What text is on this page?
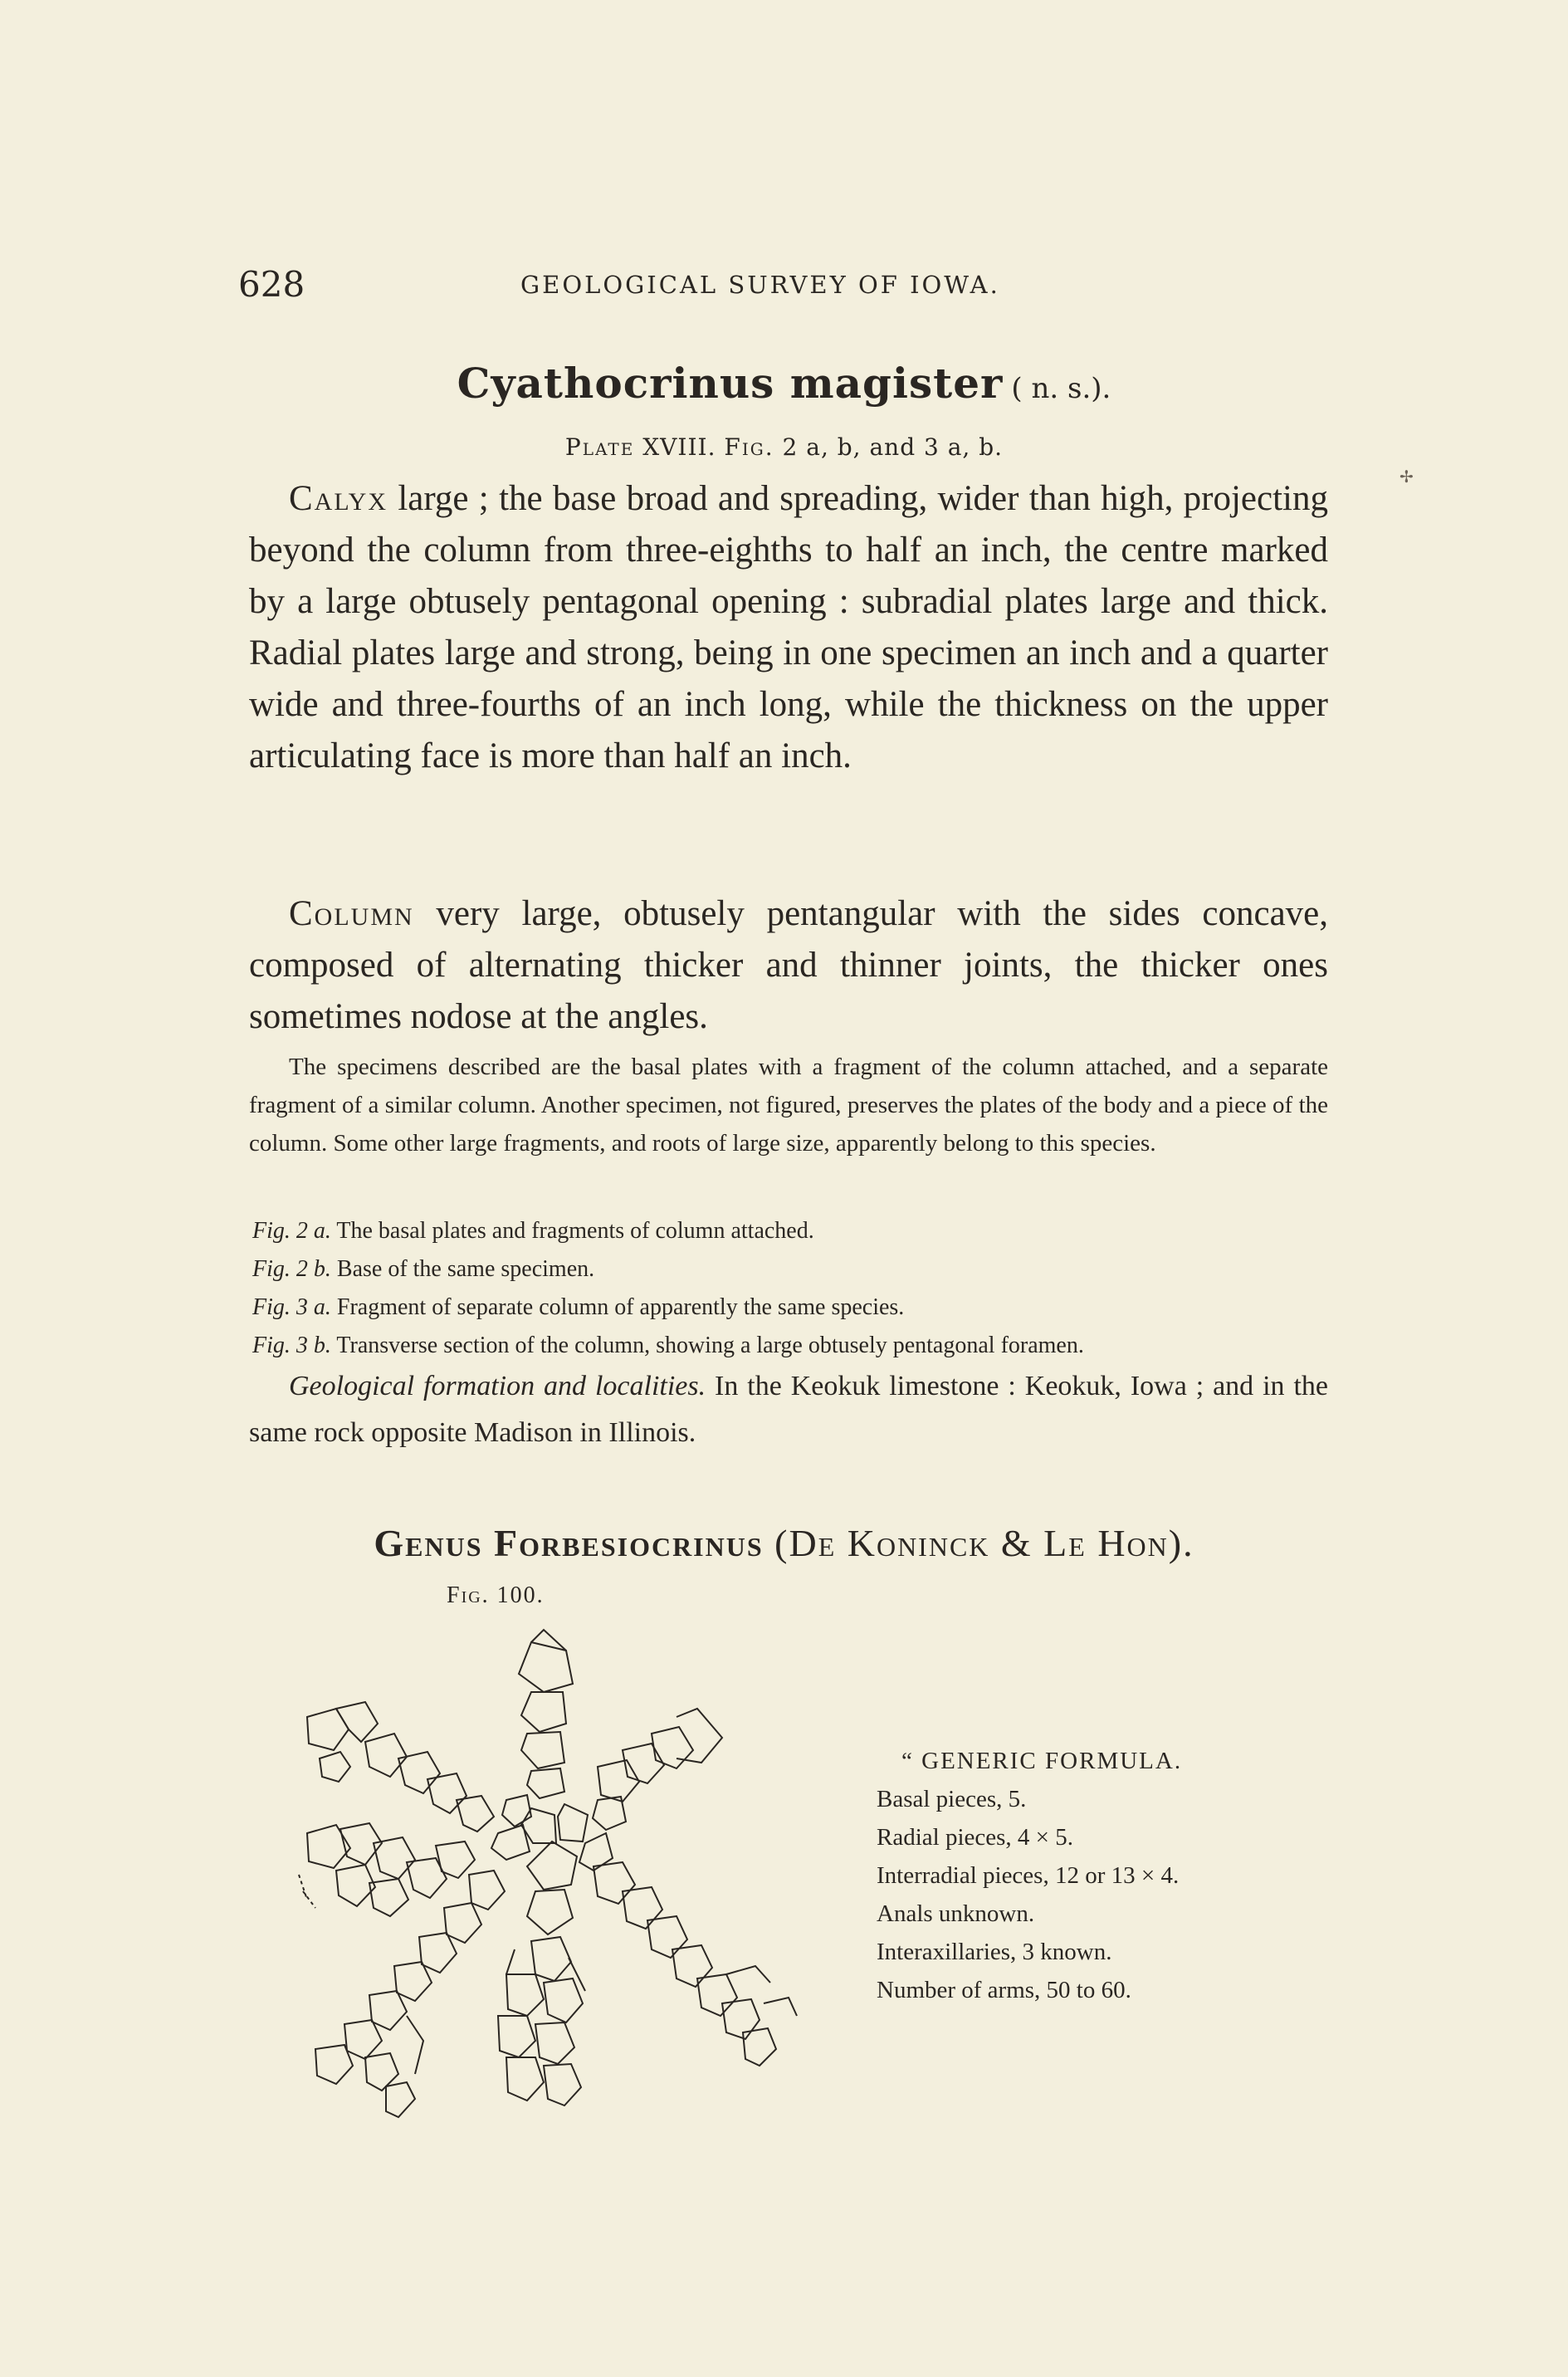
628	GEOLOGICAL SURVEY OF IOWA.
✢
Cyathocrinus magister ( n. s.).
Plate XVIII. Fig. 2 a, b, and 3 a, b.
Calyx large ; the base broad and spreading, wider than high, projecting beyond the column from three-eighths to half an inch, the centre marked by a large obtusely pentagonal opening : subradial plates large and thick. Radial plates large and strong, being in one specimen an inch and a quarter wide and three-fourths of an inch long, while the thickness on the upper articulating face is more than half an inch.
Column very large, obtusely pentangular with the sides concave, composed of alternating thicker and thinner joints, the thicker ones sometimes nodose at the angles.
The specimens described are the basal plates with a fragment of the column attached, and a separate fragment of a similar column. Another specimen, not figured, preserves the plates of the body and a piece of the column. Some other large fragments, and roots of large size, apparently belong to this species.
Fig. 2 a. The basal plates and fragments of column attached.
Fig. 2 b. Base of the same specimen.
Fig. 3 a. Fragment of separate column of apparently the same species.
Fig. 3 b. Transverse section of the column, showing a large obtusely pentagonal foramen.
Geological formation and localities. In the Keokuk limestone : Keokuk, Iowa ; and in the same rock opposite Madison in Illinois.
Genus Forbesiocrinus (De Koninck & Le Hon).
Fig. 100.
“ GENERIC FORMULA.
Basal pieces, 5.
Radial pieces, 4 × 5.
Interradial pieces, 12 or 13 × 4.
Anals unknown.
Interaxillaries, 3 known.
Number of arms, 50 to 60.
